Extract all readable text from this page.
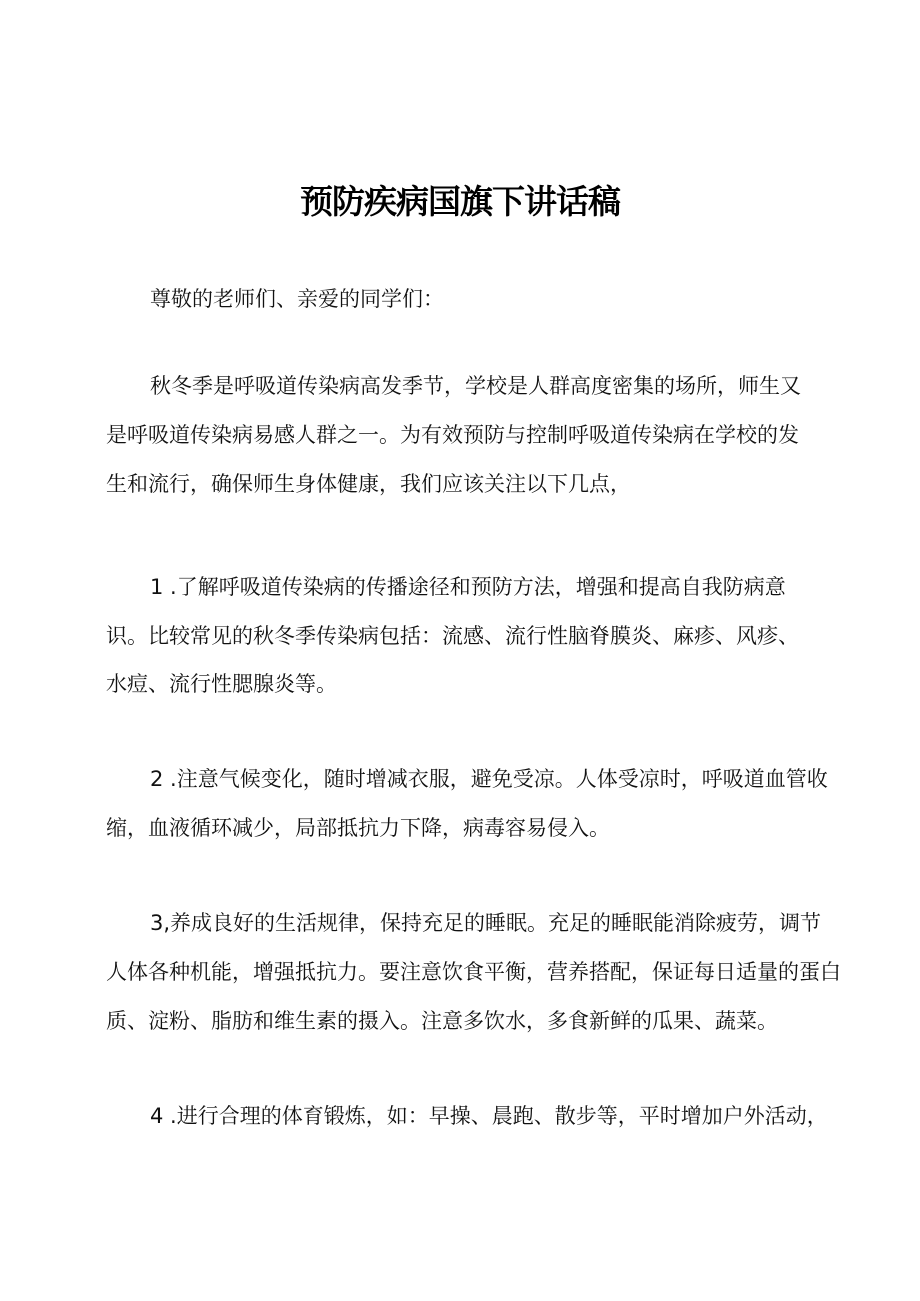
预防疾病国旗下讲话稿
尊敬的老师们、亲爱的同学们：
秋冬季是呼吸道传染病高发季节，学校是人群高度密集的场所，师生又
是呼吸道传染病易感人群之一。为有效预防与控制呼吸道传染病在学校的发
生和流行，确保师生身体健康，我们应该关注以下几点，
1 .了解呼吸道传染病的传播途径和预防方法，增强和提高自我防病意
识。比较常见的秋冬季传染病包括：流感、流行性脑脊膜炎、麻疹、风疹、
水痘、流行性腮腺炎等。
2 .注意气候变化，随时增减衣服，避免受凉。人体受凉时，呼吸道血管收
缩，血液循环减少，局部抵抗力下降，病毒容易侵入。
3,养成良好的生活规律，保持充足的睡眠。充足的睡眠能消除疲劳，调节
人体各种机能，增强抵抗力。要注意饮食平衡，营养搭配，保证每日适量的蛋白
质、淀粉、脂肪和维生素的摄入。注意多饮水，多食新鲜的瓜果、蔬菜。
4 .进行合理的体育锻炼，如：早操、晨跑、散步等，平时增加户外活动，
